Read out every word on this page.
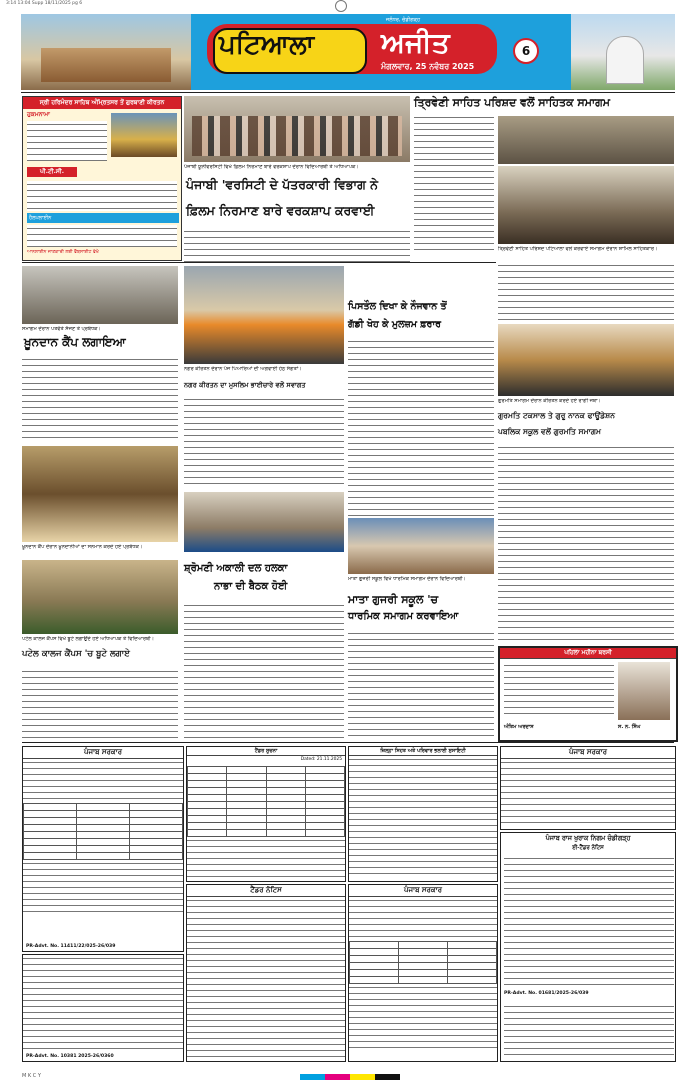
3:14 13:04 Supp 18/11/2025 pg 6
ਪਟਿਆਲਾ ਅਜੀਤ
ਜਲੰਧਰ, ਚੰਡੀਗੜ੍ਹ
ਮੰਗਲਵਾਰ, 25 ਨਵੰਬਰ 2025
6
ਸ੍ਰੀ ਹਰਿਮੰਦਰ ਸਾਹਿਬ ਅੰਮ੍ਰਿਤਸਰ ਤੋਂ ਗੁਰਬਾਣੀ ਕੀਰਤਨ
ਹੁਕਮਨਾਮਾ
ਪੀ.ਟੀ.ਸੀ.
ਹੈਲਪਲਾਈਨ
ਆਨਲਾਈਨ ਜਾਣਕਾਰੀ ਲਈ ਵੈੱਬਸਾਈਟ ਵੇਖੋ
ਪੰਜਾਬੀ ਯੂਨੀਵਰਸਿਟੀ ਵਿਖੇ ਫ਼ਿਲਮ ਨਿਰਮਾਣ ਬਾਰੇ ਵਰਕਸ਼ਾਪ ਦੌਰਾਨ ਵਿਦਿਆਰਥੀ ਤੇ ਅਧਿਆਪਕ।
ਪੰਜਾਬੀ 'ਵਰਸਿਟੀ ਦੇ ਪੱਤਰਕਾਰੀ ਵਿਭਾਗ ਨੇ
ਫ਼ਿਲਮ ਨਿਰਮਾਣ ਬਾਰੇ ਵਰਕਸ਼ਾਪ ਕਰਵਾਈ
ਤ੍ਰਿਵੇਣੀ ਸਾਹਿਤ ਪਰਿਸ਼ਦ ਵਲੋਂ ਸਾਹਿਤਕ ਸਮਾਗਮ
ਤ੍ਰਿਵੇਣੀ ਸਾਹਿਤ ਪਰਿਸ਼ਦ ਪਟਿਆਲਾ ਵਲੋਂ ਕਰਵਾਏ ਸਮਾਗਮ ਦੌਰਾਨ ਸ਼ਾਮਿਲ ਸਾਹਿਤਕਾਰ।
ਸਮਾਗਮ ਦੌਰਾਨ ਪਤਵੰਤੇ ਸੱਜਣ ਤੇ ਪ੍ਰਬੰਧਕ।
ਖ਼ੂਨਦਾਨ ਕੈਂਪ ਲਗਾਇਆ
ਖ਼ੂਨਦਾਨ ਕੈਂਪ ਦੌਰਾਨ ਖ਼ੂਨਦਾਨੀਆਂ ਦਾ ਸਨਮਾਨ ਕਰਦੇ ਹੋਏ ਪ੍ਰਬੰਧਕ।
ਨਗਰ ਕੀਰਤਨ ਦੌਰਾਨ ਪੰਜ ਪਿਆਰਿਆਂ ਦੀ ਅਗਵਾਈ ਹੇਠ ਸੰਗਤਾਂ।
ਨਗਰ ਕੀਰਤਨ ਦਾ ਮੁਸਲਿਮ ਭਾਈਚਾਰੇ ਵਲੋਂ ਸਵਾਗਤ
ਪਿਸਤੌਲ ਦਿਖਾ ਕੇ ਨੌਜਵਾਨ ਤੋਂ
ਗੱਡੀ ਖੋਹ ਕੇ ਮੁਲਜ਼ਮ ਫ਼ਰਾਰ
ਗੁਰਮਤਿ ਸਮਾਗਮ ਦੌਰਾਨ ਕੀਰਤਨ ਕਰਦੇ ਹੋਏ ਰਾਗੀ ਜਥਾ।
ਗੁਰਮਤਿ ਟਕਸਾਲ ਤੇ ਗੁਰੂ ਨਾਨਕ ਫਾਊਂਡੇਸ਼ਨ
ਪਬਲਿਕ ਸਕੂਲ ਵਲੋਂ ਗੁਰਮਤਿ ਸਮਾਗਮ
ਮਾਤਾ ਗੁਜਰੀ ਸਕੂਲ ਵਿਖੇ ਧਾਰਮਿਕ ਸਮਾਗਮ ਦੌਰਾਨ ਵਿਦਿਆਰਥੀ।
ਮਾਤਾ ਗੁਜਰੀ ਸਕੂਲ 'ਚ
ਧਾਰਮਿਕ ਸਮਾਗਮ ਕਰਵਾਇਆ
ਸ਼੍ਰੋਮਣੀ ਅਕਾਲੀ ਦਲ ਹਲਕਾ
ਨਾਭਾ ਦੀ ਬੈਠਕ ਹੋਈ
ਪਟੇਲ ਕਾਲਜ ਕੈਂਪਸ ਵਿਖੇ ਬੂਟੇ ਲਗਾਉਂਦੇ ਹੋਏ ਅਧਿਆਪਕ ਤੇ ਵਿਦਿਆਰਥੀ।
ਪਟੇਲ ਕਾਲਜ ਕੈਂਪਸ 'ਚ ਬੂਟੇ ਲਗਾਏ	ਪਹਿਲਾ ਮਹੀਨਾ ਬਰਸੀ
ਸ. ਨ. ਸਿੰਘ
ਅੰਤਿਮ ਅਰਦਾਸ
ਪੰਜਾਬ ਸਰਕਾਰ

PR-Advt. No. 11411/22/025-26/039
PR-Advt. No. 10381 2025-26/0360
ਟੈਂਡਰ ਸੂਚਨਾ
Dated: 21.11.2025

ਜ਼ਿਲ੍ਹਾ ਸਿਹਤ ਅਤੇ ਪਰਿਵਾਰ ਭਲਾਈ ਸੁਸਾਇਟੀ
ਟੈਂਡਰ ਨੋਟਿਸ	ਪੰਜਾਬ ਸਰਕਾਰ

ਪੰਜਾਬ ਸਰਕਾਰ
ਪੰਜਾਬ ਰਾਜ ਖੁਰਾਕ ਨਿਗਮ ਚੰਡੀਗੜ੍ਹ
ਈ-ਟੈਂਡਰ ਨੋਟਿਸ
PR-Advt. No. 01681/2025-26/039
M K C Y
